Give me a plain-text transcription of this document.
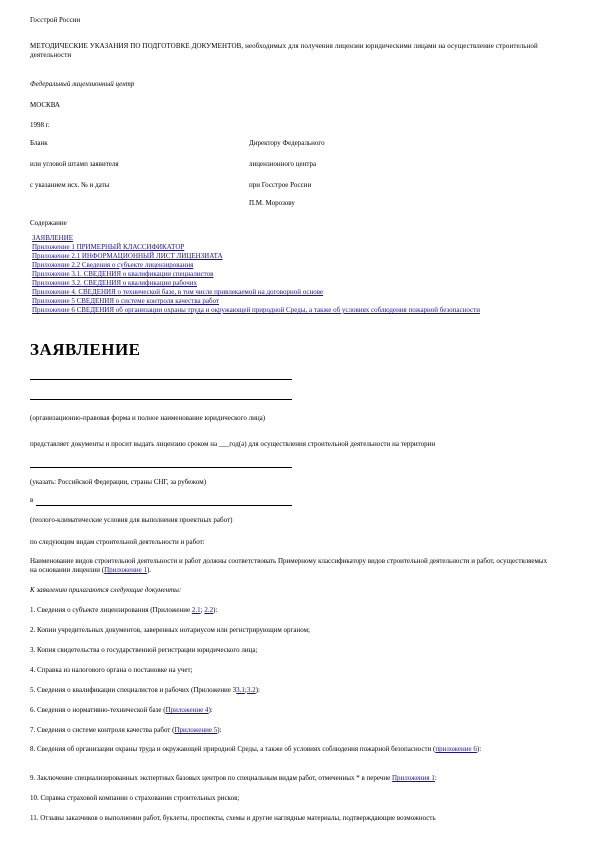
Госстрой России

МЕТОДИЧЕСКИЕ УКАЗАНИЯ ПО ПОДГОТОВКЕ ДОКУМЕНТОВ, необходимых для получения лицензии юридическими лицами на осуществление строительной деятельности

Федеральный лицензионный центр

МОСКВА

1998 г.

Бланк

или угловой штамп заявителя

с указанием исх. № и даты

Директору Федерального

лицензионного центра

при Госстрое России

П.М. Морозову

Содержание

ЗАЯВЛЕНИЕ
Приложение 1 ПРИМЕРНЫЙ КЛАССИФИКАТОР
Приложение 2.1 ИНФОРМАЦИОННЫЙ ЛИСТ ЛИЦЕНЗИАТА
Приложение 2.2 Сведения о субъекте лицензирования
Приложение 3.1. СВЕДЕНИЯ о квалификации специалистов
Приложение 3.2. СВЕДЕНИЯ о квалификации рабочих
Приложение 4. СВЕДЕНИЯ о технической базе, в том числе привлекаемой на договорной основе
Приложение 5 СВЕДЕНИЯ о системе контроля качества работ
Приложение 6 СВЕДЕНИЯ об организации охраны труда и окружающей природной Среды, а также об условиях соблюдения пожарной безопасности
ЗАЯВЛЕНИЕ

(организационно-правовая форма и полное наименование юридического лица)

представляет документы и просит выдать лицензию сроком на ___год(а) для осуществления строительной деятельности на территории

(указать: Российской Федерации, страны СНГ, за рубежом)

в

(геолого-климатические условия для выполнения проектных работ)

по следующим видам строительной деятельности и работ:

Наименование видов строительной деятельности и работ должны соответствовать Примерному классификатору видов строительной деятельности и работ, осуществляемых на основании лицензии (Приложение 1).

К заявлению прилагаются следующие документы:

1. Сведения о субъекте лицензирования (Приложение 2.1; 2.2):

2. Копии учредительных документов, заверенных нотариусом или регистрирующим органом;

3. Копия свидетельства о государственной регистрации юридического лица;

4. Справка из налогового органа о постановке на учет;

5. Сведения о квалификации специалистов и рабочих (Приложение 33.1;3.2):

6. Сведения о нормативно-технической базе (Приложение 4):

7. Сведения о системе контроля качества работ (Приложение 5):

8. Сведения об организации охраны труда и окружающей природной Среды, а также об условиях соблюдения пожарной безопасности (приложение 6):

9. Заключение специализированных экспертных базовых центров по специальным видам работ, отмеченных * в перечне Приложения 1:

10. Справка страховой компании о страховании строительных рисков;

11. Отзывы заказчиков о выполнении работ, буклеты, проспекты, схемы и другие наглядные материалы, подтверждающие возможность
